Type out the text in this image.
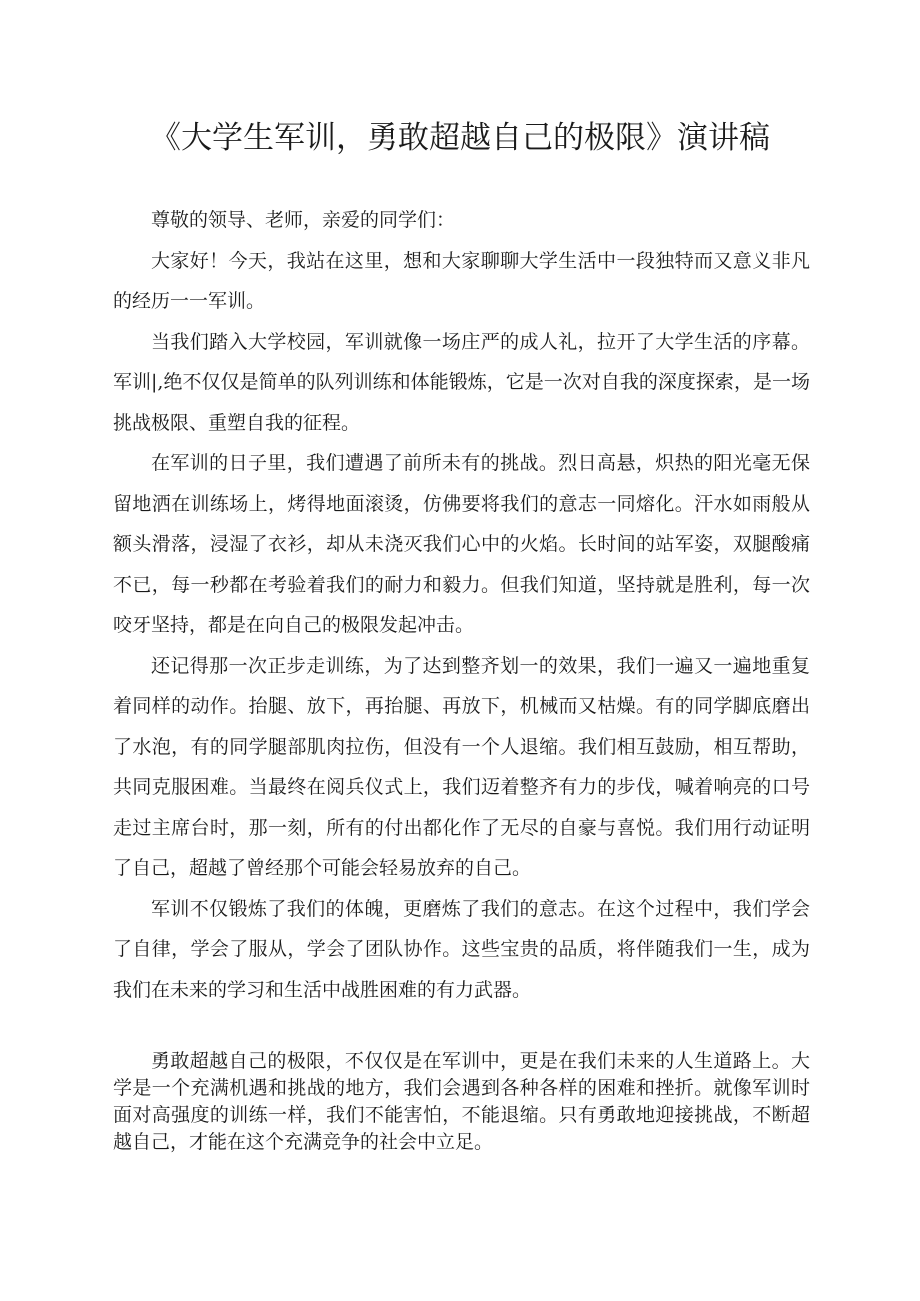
《大学生军训，勇敢超越自己的极限》演讲稿

尊敬的领导、老师，亲爱的同学们：

大家好！今天，我站在这里，想和大家聊聊大学生活中一段独特而又意义非凡的经历一一军训。

当我们踏入大学校园，军训就像一场庄严的成人礼，拉开了大学生活的序幕。军训|,绝不仅仅是简单的队列训练和体能锻炼，它是一次对自我的深度探索，是一场挑战极限、重塑自我的征程。

在军训的日子里，我们遭遇了前所未有的挑战。烈日高悬，炽热的阳光毫无保留地洒在训练场上，烤得地面滚烫，仿佛要将我们的意志一同熔化。汗水如雨般从额头滑落，浸湿了衣衫，却从未浇灭我们心中的火焰。长时间的站军姿，双腿酸痛不已，每一秒都在考验着我们的耐力和毅力。但我们知道，坚持就是胜利，每一次咬牙坚持，都是在向自己的极限发起冲击。

还记得那一次正步走训练，为了达到整齐划一的效果，我们一遍又一遍地重复着同样的动作。抬腿、放下，再抬腿、再放下，机械而又枯燥。有的同学脚底磨出了水泡，有的同学腿部肌肉拉伤，但没有一个人退缩。我们相互鼓励，相互帮助，共同克服困难。当最终在阅兵仪式上，我们迈着整齐有力的步伐，喊着响亮的口号走过主席台时，那一刻，所有的付出都化作了无尽的自豪与喜悦。我们用行动证明了自己，超越了曾经那个可能会轻易放弃的自己。

军训不仅锻炼了我们的体魄，更磨炼了我们的意志。在这个过程中，我们学会了自律，学会了服从，学会了团队协作。这些宝贵的品质，将伴随我们一生，成为我们在未来的学习和生活中战胜困难的有力武器。

勇敢超越自己的极限，不仅仅是在军训中，更是在我们未来的人生道路上。大学是一个充满机遇和挑战的地方，我们会遇到各种各样的困难和挫折。就像军训时面对高强度的训练一样，我们不能害怕，不能退缩。只有勇敢地迎接挑战，不断超越自己，才能在这个充满竞争的社会中立足。
